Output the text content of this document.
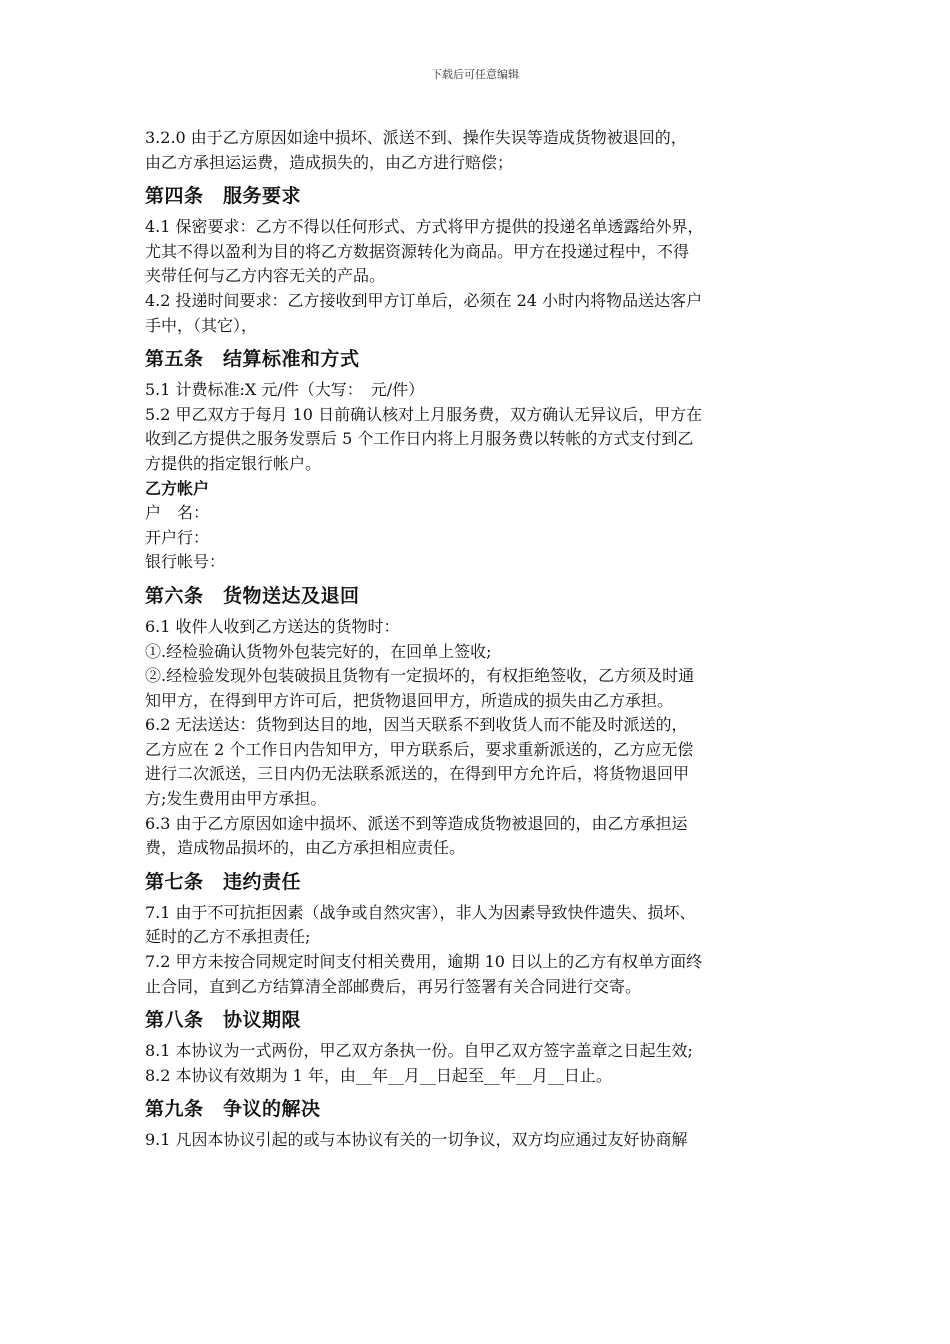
下载后可任意编辑

3.2.0 由于乙方原因如途中损坏、派送不到、操作失误等造成货物被退回的，

由乙方承担运运费，造成损失的，由乙方进行赔偿；

第四条　服务要求

4.1 保密要求：乙方不得以任何形式、方式将甲方提供的投递名单透露给外界，

尤其不得以盈利为目的将乙方数据资源转化为商品。甲方在投递过程中，不得

夹带任何与乙方内容无关的产品。

4.2 投递时间要求：乙方接收到甲方订单后，必须在 24 小时内将物品送达客户

手中，（其它），

第五条　结算标准和方式

5.1 计费标准:X 元/件（大写：　元/件）

5.2 甲乙双方于每月 10 日前确认核对上月服务费，双方确认无异议后，甲方在

收到乙方提供之服务发票后 5 个工作日内将上月服务费以转帐的方式支付到乙

方提供的指定银行帐户。

乙方帐户

户　名：

开户行：

银行帐号：

第六条　货物送达及退回

6.1 收件人收到乙方送达的货物时：

①.经检验确认货物外包装完好的，在回单上签收;

②.经检验发现外包装破损且货物有一定损坏的，有权拒绝签收，乙方须及时通

知甲方，在得到甲方许可后，把货物退回甲方，所造成的损失由乙方承担。

6.2 无法送达：货物到达目的地，因当天联系不到收货人而不能及时派送的，

乙方应在 2 个工作日内告知甲方，甲方联系后，要求重新派送的，乙方应无偿

进行二次派送，三日内仍无法联系派送的，在得到甲方允许后，将货物退回甲

方;发生费用由甲方承担。

6.3 由于乙方原因如途中损坏、派送不到等造成货物被退回的，由乙方承担运

费，造成物品损坏的，由乙方承担相应责任。

第七条　违约责任

7.1 由于不可抗拒因素（战争或自然灾害），非人为因素导致快件遗失、损坏、

延时的乙方不承担责任;

7.2 甲方未按合同规定时间支付相关费用，逾期 10 日以上的乙方有权单方面终

止合同，直到乙方结算清全部邮费后，再另行签署有关合同进行交寄。

第八条　协议期限

8.1 本协议为一式两份，甲乙双方条执一份。自甲乙双方签字盖章之日起生效;

8.2 本协议有效期为 1 年，由__年__月__日起至__年__月__日止。

第九条　争议的解决

9.1 凡因本协议引起的或与本协议有关的一切争议，双方均应通过友好协商解
